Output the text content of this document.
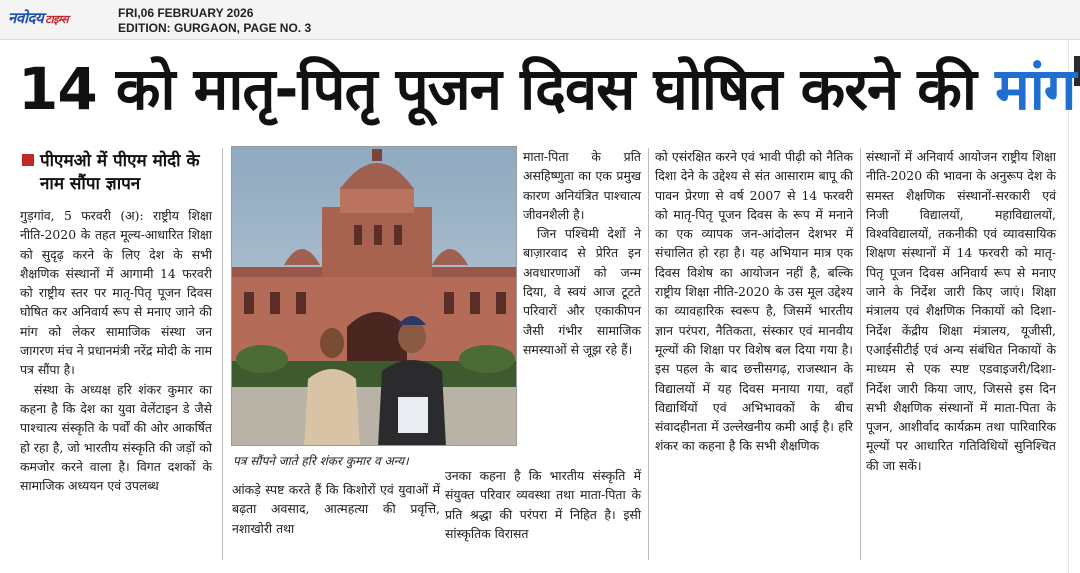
नवोदय टाइम्स	FRI,06 FEBRUARY 2026
EDITION: GURGAON, PAGE NO. 3
14 को मातृ-पितृ पूजन दिवस घोषित करने की मांग
पीएमओ में पीएम मोदी के नाम सौंपा ज्ञापन

गुड़गांव, 5 फरवरी (अ): राष्ट्रीय शिक्षा नीति-2020 के तहत मूल्य-आधारित शिक्षा को सुदृढ़ करने के लिए देश के सभी शैक्षणिक संस्थानों में आगामी 14 फरवरी को राष्ट्रीय स्तर पर मातृ-पितृ पूजन दिवस घोषित कर अनिवार्य रूप से मनाए जाने की मांग को लेकर सामाजिक संस्था जन जागरण मंच ने प्रधानमंत्री नरेंद्र मोदी के नाम पत्र सौंपा है।

संस्था के अध्यक्ष हरि शंकर कुमार का कहना है कि देश का युवा वेलेंटाइन डे जैसे पाश्चात्य संस्कृति के पर्वों की ओर आकर्षित हो रहा है, जो भारतीय संस्कृति की जड़ों को कमजोर करने वाला है। विगत दशकों के सामाजिक अध्ययन एवं उपलब्ध

पत्र सौंपने जाते हरि शंकर कुमार व अन्य।

आंकड़े स्पष्ट करते हैं कि किशोरों एवं युवाओं में बढ़ता अवसाद, आत्महत्या की प्रवृत्ति, नशाखोरी तथा

माता-पिता के प्रति असहिष्णुता का एक प्रमुख कारण अनियंत्रित पाश्चात्य जीवनशैली है।

जिन पश्चिमी देशों ने बाज़ारवाद से प्रेरित इन अवधारणाओं को जन्म दिया, वे स्वयं आज टूटते परिवारों और एकाकीपन जैसी गंभीर सामाजिक समस्याओं से जूझ रहे हैं।

उनका कहना है कि भारतीय संस्कृति में संयुक्त परिवार व्यवस्था तथा माता-पिता के प्रति श्रद्धा की परंपरा में निहित है। इसी सांस्कृतिक विरासत

को एसंरक्षित करने एवं भावी पीढ़ी को नैतिक दिशा देने के उद्देश्य से संत आसाराम बापू की पावन प्रेरणा से वर्ष 2007 से 14 फरवरी को मातृ-पितृ पूजन दिवस के रूप में मनाने का एक व्यापक जन-आंदोलन देशभर में संचालित हो रहा है। यह अभियान मात्र एक दिवस विशेष का आयोजन नहीं है, बल्कि राष्ट्रीय शिक्षा नीति-2020 के उस मूल उद्देश्य का व्यावहारिक स्वरूप है, जिसमें भारतीय ज्ञान परंपरा, नैतिकता, संस्कार एवं मानवीय मूल्यों की शिक्षा पर विशेष बल दिया गया है। इस पहल के बाद छत्तीसगढ़, राजस्थान के विद्यालयों में यह दिवस मनाया गया, वहाँ विद्यार्थियों एवं अभिभावकों के बीच संवादहीनता में उल्लेखनीय कमी आई है। हरि शंकर का कहना है कि सभी शैक्षणिक

संस्थानों में अनिवार्य आयोजन राष्ट्रीय शिक्षा नीति-2020 की भावना के अनुरूप देश के समस्त शैक्षणिक संस्थानों-सरकारी एवं निजी विद्यालयों, महाविद्यालयों, विश्वविद्यालयों, तकनीकी एवं व्यावसायिक शिक्षण संस्थानों में 14 फरवरी को मातृ-पितृ पूजन दिवस अनिवार्य रूप से मनाए जाने के निर्देश जारी किए जाएं। शिक्षा मंत्रालय एवं शैक्षणिक निकायों को दिशा-निर्देश केंद्रीय शिक्षा मंत्रालय, यूजीसी, एआईसीटीई एवं अन्य संबंधित निकायों के माध्यम से एक स्पष्ट एडवाइजरी/दिशा-निर्देश जारी किया जाए, जिससे इस दिन सभी शैक्षणिक संस्थानों में माता-पिता के पूजन, आशीर्वाद कार्यक्रम तथा पारिवारिक मूल्यों पर आधारित गतिविधियों सुनिश्चित की जा सकें।
